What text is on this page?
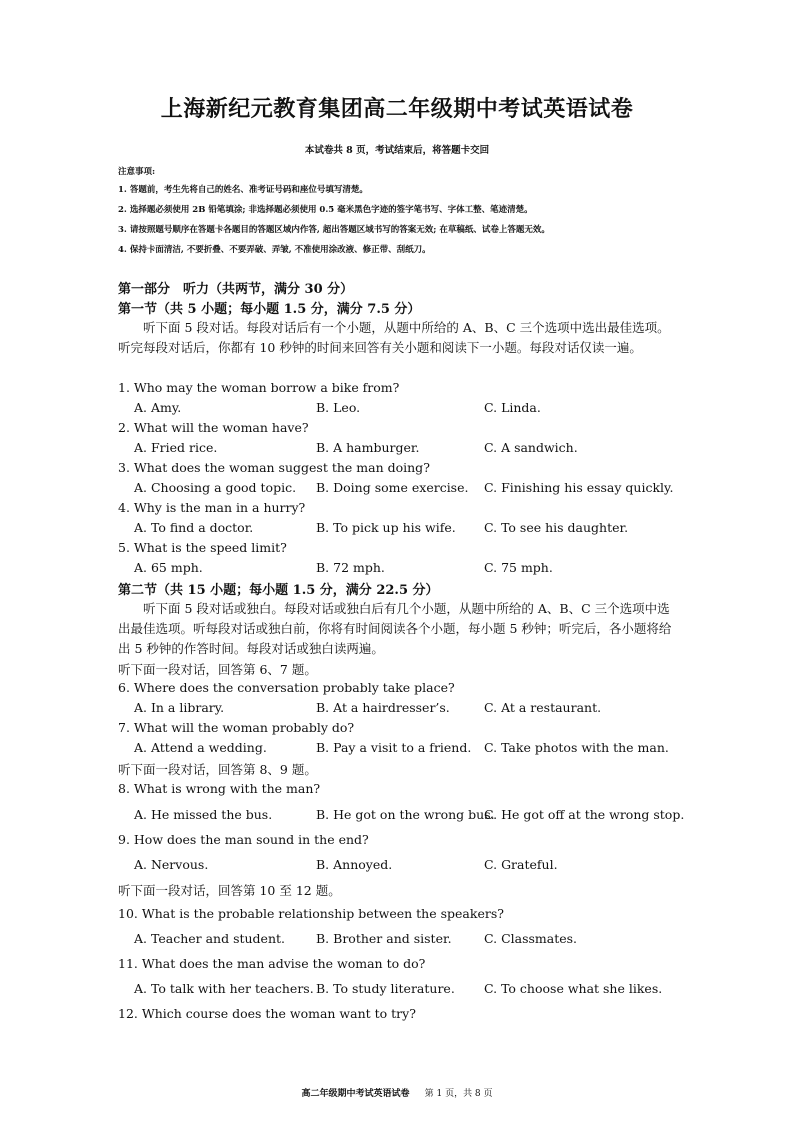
上海新纪元教育集团高二年级期中考试英语试卷
本试卷共 8 页，考试结束后，将答题卡交回
注意事项:
1. 答题前，考生先将自己的姓名、准考证号码和座位号填写清楚。
2. 选择题必须使用 2B 铅笔填涂; 非选择题必须使用 0.5 毫米黑色字迹的签字笔书写、字体工整、笔迹清楚。
3. 请按照题号顺序在答题卡各题目的答题区域内作答, 超出答题区域书写的答案无效; 在草稿纸、试卷上答题无效。
4. 保持卡面清洁, 不要折叠、不要弄破、弄皱, 不准使用涂改液、修正带、刮纸刀。
第一部分　听力（共两节，满分 30 分）
第一节（共 5 小题；每小题 1.5 分，满分 7.5 分）
听下面 5 段对话。每段对话后有一个小题，从题中所给的 A、B、C 三个选项中选出最佳选项。听完每段对话后，你都有 10 秒钟的时间来回答有关小题和阅读下一小题。每段对话仅读一遍。
1. Who may the woman borrow a bike from?
A. Amy.	B. Leo.	C. Linda.
2. What will the woman have?
A. Fried rice.	B. A hamburger.	C. A sandwich.
3. What does the woman suggest the man doing?
A. Choosing a good topic. B. Doing some exercise. C. Finishing his essay quickly.
4. Why is the man in a hurry?
A. To find a doctor.	B. To pick up his wife. C. To see his daughter.
5. What is the speed limit?
A. 65 mph.	B. 72 mph.	C. 75 mph.
第二节（共 15 小题；每小题 1.5 分，满分 22.5 分）
听下面 5 段对话或独白。每段对话或独白后有几个小题，从题中所给的 A、B、C 三个选项中选出最佳选项。听每段对话或独白前，你将有时间阅读各个小题，每小题 5 秒钟；听完后，各小题将给出 5 秒钟的作答时间。每段对话或独白读两遍。
听下面一段对话，回答第 6、7 题。
6. Where does the conversation probably take place?
A. In a library.	B. At a hairdresser’s.	C. At a restaurant.
7. What will the woman probably do?
A. Attend a wedding.	B. Pay a visit to a friend. C. Take photos with the man.
听下面一段对话，回答第 8、9 题。
8. What is wrong with the man?
A. He missed the bus.	B. He got on the wrong bus.
C. He got off at the wrong stop.
9. How does the man sound in the end?
A. Nervous.	B. Annoyed.	C. Grateful.
听下面一段对话，回答第 10 至 12 题。
10. What is the probable relationship between the speakers?
A. Teacher and student. B. Brother and sister.	C. Classmates.
11. What does the man advise the woman to do?
A. To talk with her teachers. B. To study literature. C. To choose what she likes.
12. Which course does the woman want to try?
高二年级期中考试英语试卷 第 1 页，共 8 页
